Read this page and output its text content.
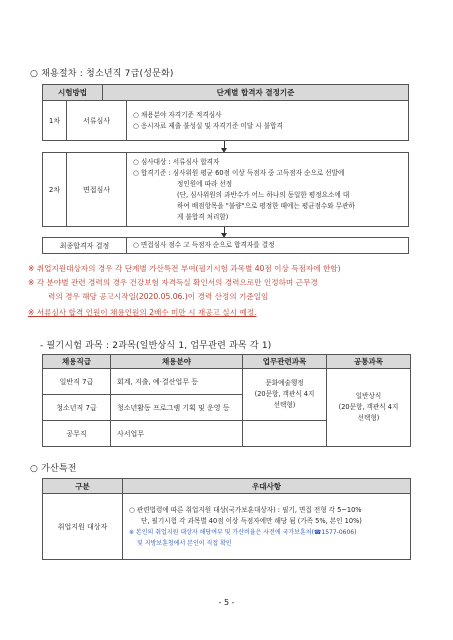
○ 채용절차 : 청소년직 7급(성문화)
시험방법	단계별 합격자 결정기준
1차	서류심사	
○ 채용분야 자격기준 적격심사
○ 응시자료 제출 불성실 및 자격기준 미달 시 불합격
2차	면접심사	
○ 심사대상 : 서류심사 합격자
○ 합격기준 : 심사위원 평균 60점 이상 득점자 중 고득점자 순으로 선발에
정인원에 따라 선정
(단, 심사위원의 과반수가 어느 하나의 동일한 평정요소에 대
하여 배점항목을 "불량"으로 평정한 때에는 평균점수와 무관하
게 불합격 처리함)
최종합격자 결정	○ 면접심사 점수 고 득점자 순으로 합격자를 결정
※ 취업지원대상자의 경우 각 단계별 가산특전 부여(필기시험 과목별 40점 이상 득점자에 한함)
※ 각 분야별 관련 경력의 경우 건강보험 자격득실 확인서의 경력으로만 인정하며 근무경
력의 경우 해당 공고시작일(2020.05.06.)이 경력 산정의 기준일임
※ 서류심사 합격 인원이 채용인원의 2배수 미만 시 재공고 실시 예정.
- 필기시험 과목 : 2과목(일반상식 1, 업무관련 과목 각 1)
채용직급	채용분야	업무관련과목	공통과목
일반직 7급	회계, 지출, 예·결산업무 등	문화예술행정
(20문항, 객관식 4지
선택형)	일반상식
(20문항, 객관식 4지
선택형)

청소년직 7급	청소년활동 프로그램 기획 및 운영 등		
공무직	사서업무		
○ 가산특전
구분	우대사항
취업지원 대상자	○ 관련법령에 따른 취업지원 대상(국가보훈대상자) : 필기, 면접 전형 각 5~10%
단, 필기시험 각 과목별 40점 이상 득점자에만 해당 됨 (가족 5%, 본인 10%)
※ 본인의 취업지원 대상자 해당여부 및 가산비율은 사전에 국가보훈처(☎1577-0606)
및 지방보훈청에서 본인이 직접 확인
- 5 -
